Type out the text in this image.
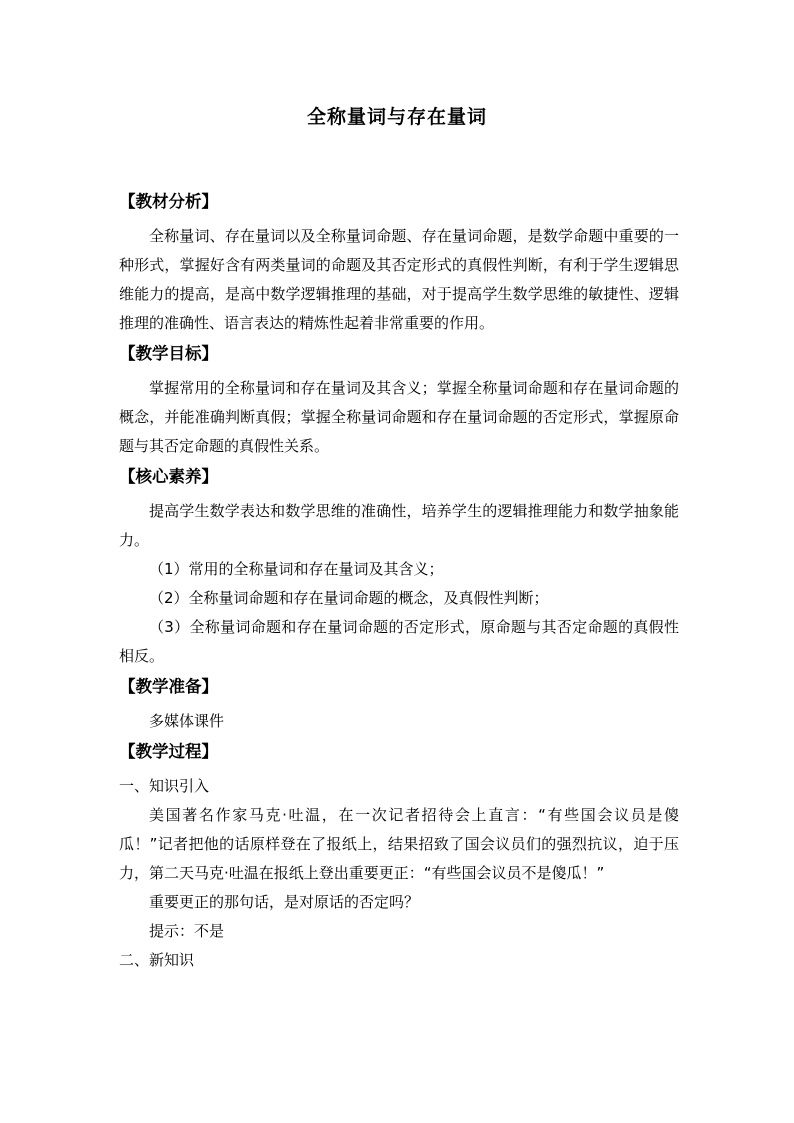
全称量词与存在量词

【教材分析】

全称量词、存在量词以及全称量词命题、存在量词命题，是数学命题中重要的一种形式，掌握好含有两类量词的命题及其否定形式的真假性判断，有利于学生逻辑思维能力的提高，是高中数学逻辑推理的基础，对于提高学生数学思维的敏捷性、逻辑推理的准确性、语言表达的精炼性起着非常重要的作用。

【教学目标】

掌握常用的全称量词和存在量词及其含义；掌握全称量词命题和存在量词命题的概念，并能准确判断真假；掌握全称量词命题和存在量词命题的否定形式，掌握原命题与其否定命题的真假性关系。

【核心素养】

提高学生数学表达和数学思维的准确性，培养学生的逻辑推理能力和数学抽象能力。

（1）常用的全称量词和存在量词及其含义；

（2）全称量词命题和存在量词命题的概念，及真假性判断；

（3）全称量词命题和存在量词命题的否定形式，原命题与其否定命题的真假性相反。

【教学准备】

多媒体课件

【教学过程】

一、知识引入

美国著名作家马克·吐温，在一次记者招待会上直言：“有些国会议员是傻瓜！”记者把他的话原样登在了报纸上，结果招致了国会议员们的强烈抗议，迫于压力，第二天马克·吐温在报纸上登出重要更正：“有些国会议员不是傻瓜！”

重要更正的那句话，是对原话的否定吗？

提示：不是

二、新知识
